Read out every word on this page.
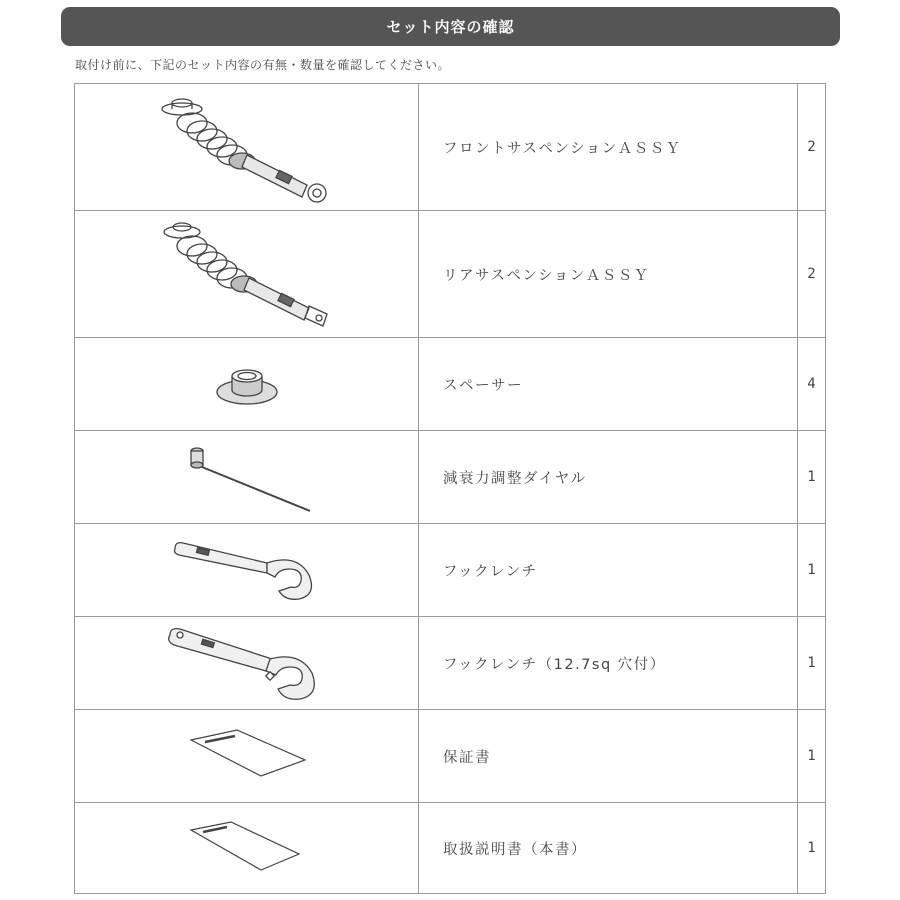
セット内容の確認
取付け前に、下記のセット内容の有無・数量を確認してください。
	フロントサスペンションＡＳＳＹ	2

	リアサスペンションＡＳＳＹ	2

	スペーサー	4

	減衰力調整ダイヤル	1

	フックレンチ	1

	フックレンチ（12.7sq 穴付）	1

	保証書	1

	取扱説明書（本書）	1
